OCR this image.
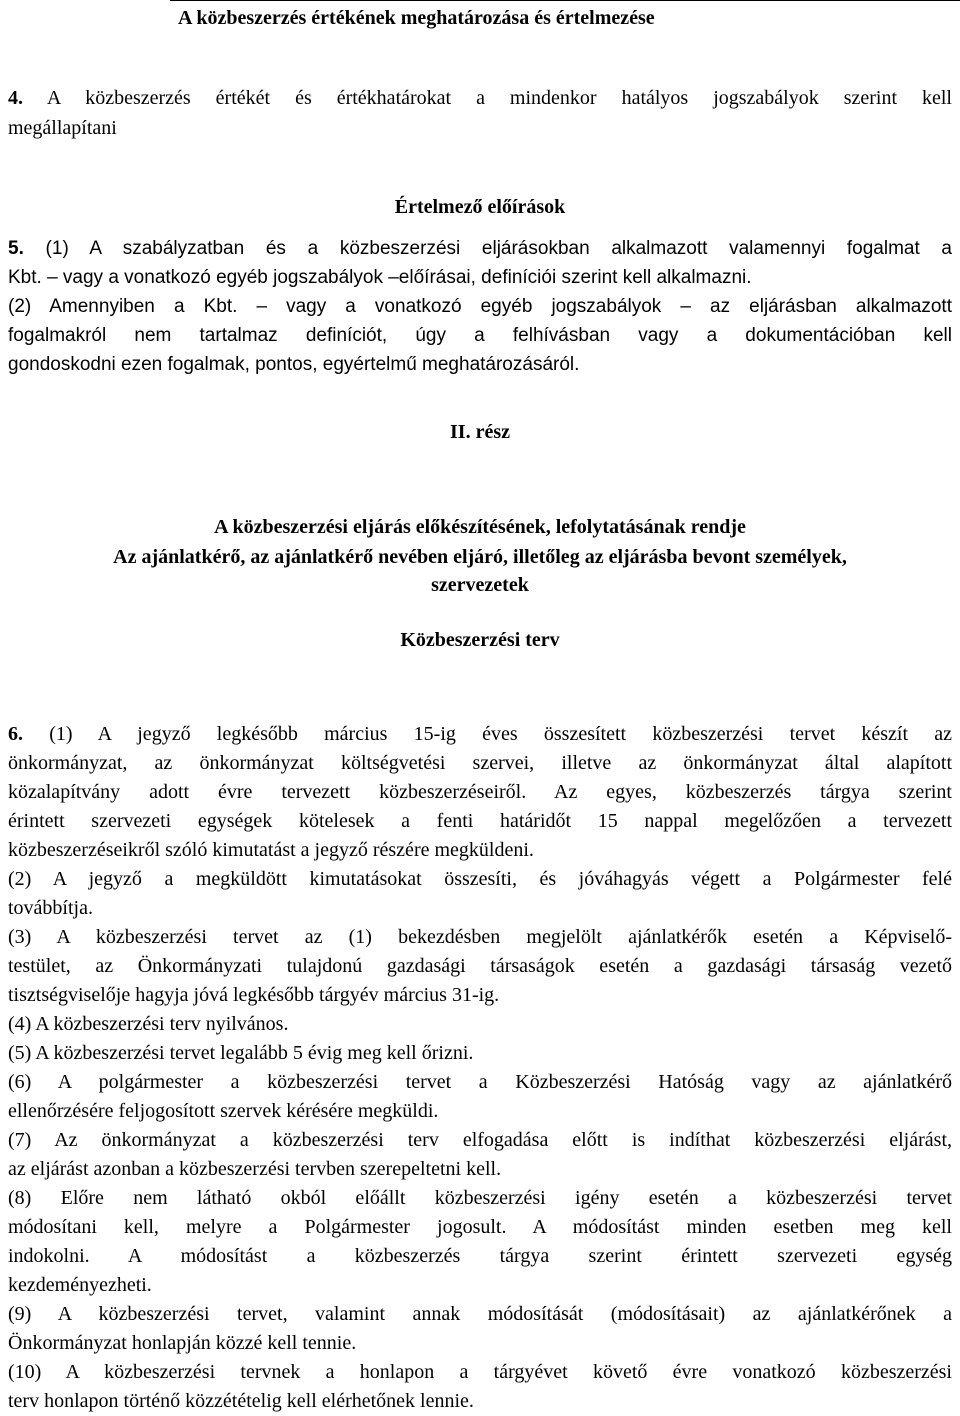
A közbeszerzés értékének meghatározása és értelmezése
4. A közbeszerzés értékét és értékhatárokat a mindenkor hatályos jogszabályok szerint kell
megállapítani
Értelmező előírások
5. (1) A szabályzatban és a közbeszerzési eljárásokban alkalmazott valamennyi fogalmat a
Kbt. – vagy a vonatkozó egyéb jogszabályok –előírásai, definíciói szerint kell alkalmazni.
(2) Amennyiben a Kbt. – vagy a vonatkozó egyéb jogszabályok – az eljárásban alkalmazott
fogalmakról nem tartalmaz definíciót, úgy a felhívásban vagy a dokumentációban kell
gondoskodni ezen fogalmak, pontos, egyértelmű meghatározásáról.
II. rész
A közbeszerzési eljárás előkészítésének, lefolytatásának rendje
Az ajánlatkérő, az ajánlatkérő nevében eljáró, illetőleg az eljárásba bevont személyek,
szervezetek
Közbeszerzési terv
6. (1) A jegyző legkésőbb március 15-ig éves összesített közbeszerzési tervet készít az
önkormányzat, az önkormányzat költségvetési szervei, illetve az önkormányzat által alapított
közalapítvány adott évre tervezett közbeszerzéseiről. Az egyes, közbeszerzés tárgya szerint
érintett szervezeti egységek kötelesek a fenti határidőt 15 nappal megelőzően a tervezett
közbeszerzéseikről szóló kimutatást a jegyző részére megküldeni.
(2) A jegyző a megküldött kimutatásokat összesíti, és jóváhagyás végett a Polgármester felé
továbbítja.
(3) A közbeszerzési tervet az (1) bekezdésben megjelölt ajánlatkérők esetén a Képviselő-
testület, az Önkormányzati tulajdonú gazdasági társaságok esetén a gazdasági társaság vezető
tisztségviselője hagyja jóvá legkésőbb tárgyév március 31-ig.
(4) A közbeszerzési terv nyilvános.
(5) A közbeszerzési tervet legalább 5 évig meg kell őrizni.
(6) A polgármester a közbeszerzési tervet a Közbeszerzési Hatóság vagy az ajánlatkérő
ellenőrzésére feljogosított szervek kérésére megküldi.
(7) Az önkormányzat a közbeszerzési terv elfogadása előtt is indíthat közbeszerzési eljárást,
az eljárást azonban a közbeszerzési tervben szerepeltetni kell.
(8) Előre nem látható okból előállt közbeszerzési igény esetén a közbeszerzési tervet
módosítani kell, melyre a Polgármester jogosult. A módosítást minden esetben meg kell
indokolni. A módosítást a közbeszerzés tárgya szerint érintett szervezeti egység
kezdeményezheti.
(9) A közbeszerzési tervet, valamint annak módosítását (módosításait) az ajánlatkérőnek a
Önkormányzat honlapján közzé kell tennie.
(10) A közbeszerzési tervnek a honlapon a tárgyévet követő évre vonatkozó közbeszerzési
terv honlapon történő közzétételig kell elérhetőnek lennie.
